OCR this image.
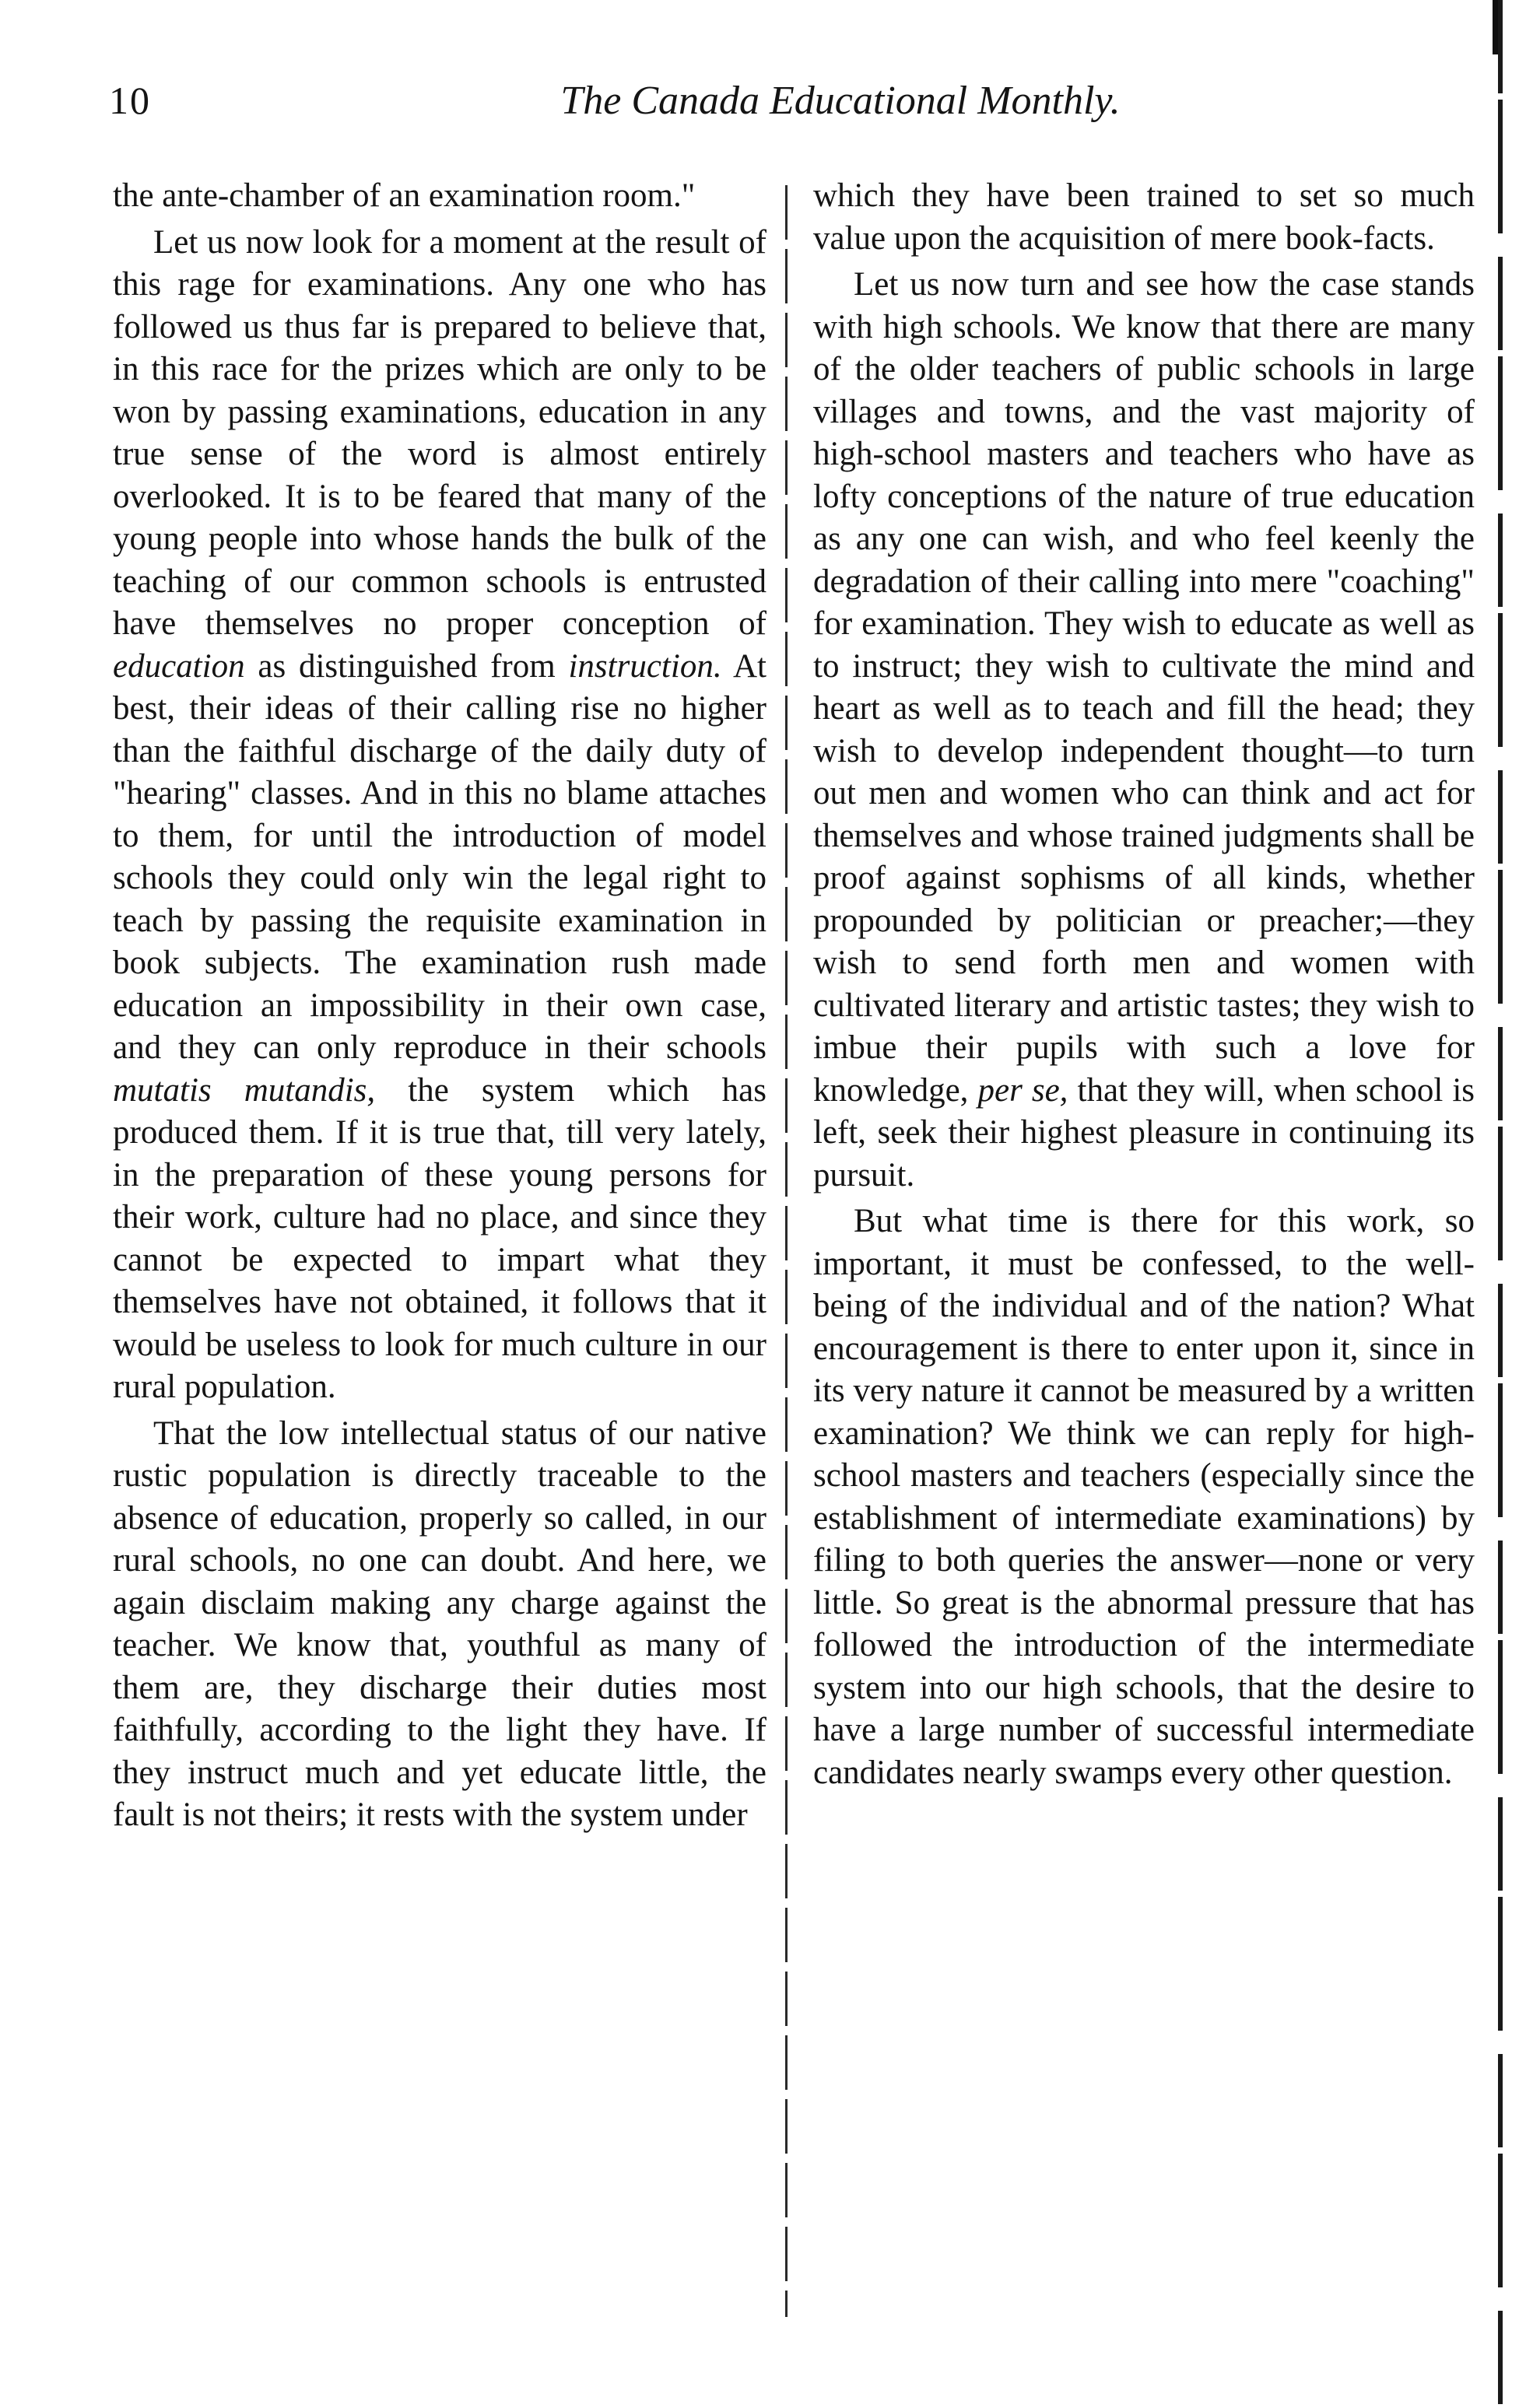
10	The Canada Educational Monthly.

the ante-chamber of an examination room."

Let us now look for a moment at the result of this rage for examinations. Any one who has followed us thus far is prepared to believe that, in this race for the prizes which are only to be won by passing examinations, education in any true sense of the word is almost entirely overlooked. It is to be feared that many of the young people into whose hands the bulk of the teaching of our common schools is entrusted have themselves no proper conception of education as distinguished from instruction. At best, their ideas of their calling rise no higher than the faithful discharge of the daily duty of "hearing" classes. And in this no blame attaches to them, for until the introduction of model schools they could only win the legal right to teach by passing the requisite examination in book subjects. The examination rush made education an impossibility in their own case, and they can only reproduce in their schools mutatis mutandis, the system which has produced them. If it is true that, till very lately, in the preparation of these young persons for their work, culture had no place, and since they cannot be expected to impart what they themselves have not obtained, it follows that it would be useless to look for much culture in our rural population.

That the low intellectual status of our native rustic population is directly traceable to the absence of education, properly so called, in our rural schools, no one can doubt. And here, we again disclaim making any charge against the teacher. We know that, youthful as many of them are, they discharge their duties most faithfully, according to the light they have. If they instruct much and yet educate little, the fault is not theirs; it rests with the system under

which they have been trained to set so much value upon the acquisition of mere book-facts.

Let us now turn and see how the case stands with high schools. We know that there are many of the older teachers of public schools in large villages and towns, and the vast majority of high-school masters and teachers who have as lofty conceptions of the nature of true education as any one can wish, and who feel keenly the degradation of their calling into mere "coaching" for examination. They wish to educate as well as to instruct; they wish to cultivate the mind and heart as well as to teach and fill the head; they wish to develop independent thought—to turn out men and women who can think and act for themselves and whose trained judgments shall be proof against sophisms of all kinds, whether propounded by politician or preacher;—they wish to send forth men and women with cultivated literary and artistic tastes; they wish to imbue their pupils with such a love for knowledge, per se, that they will, when school is left, seek their highest pleasure in continuing its pursuit.

But what time is there for this work, so important, it must be confessed, to the well-being of the individual and of the nation? What encouragement is there to enter upon it, since in its very nature it cannot be measured by a written examination? We think we can reply for high-school masters and teachers (especially since the establishment of intermediate examinations) by filing to both queries the answer—none or very little. So great is the abnormal pressure that has followed the introduction of the intermediate system into our high schools, that the desire to have a large number of successful intermediate candidates nearly swamps every other question.
